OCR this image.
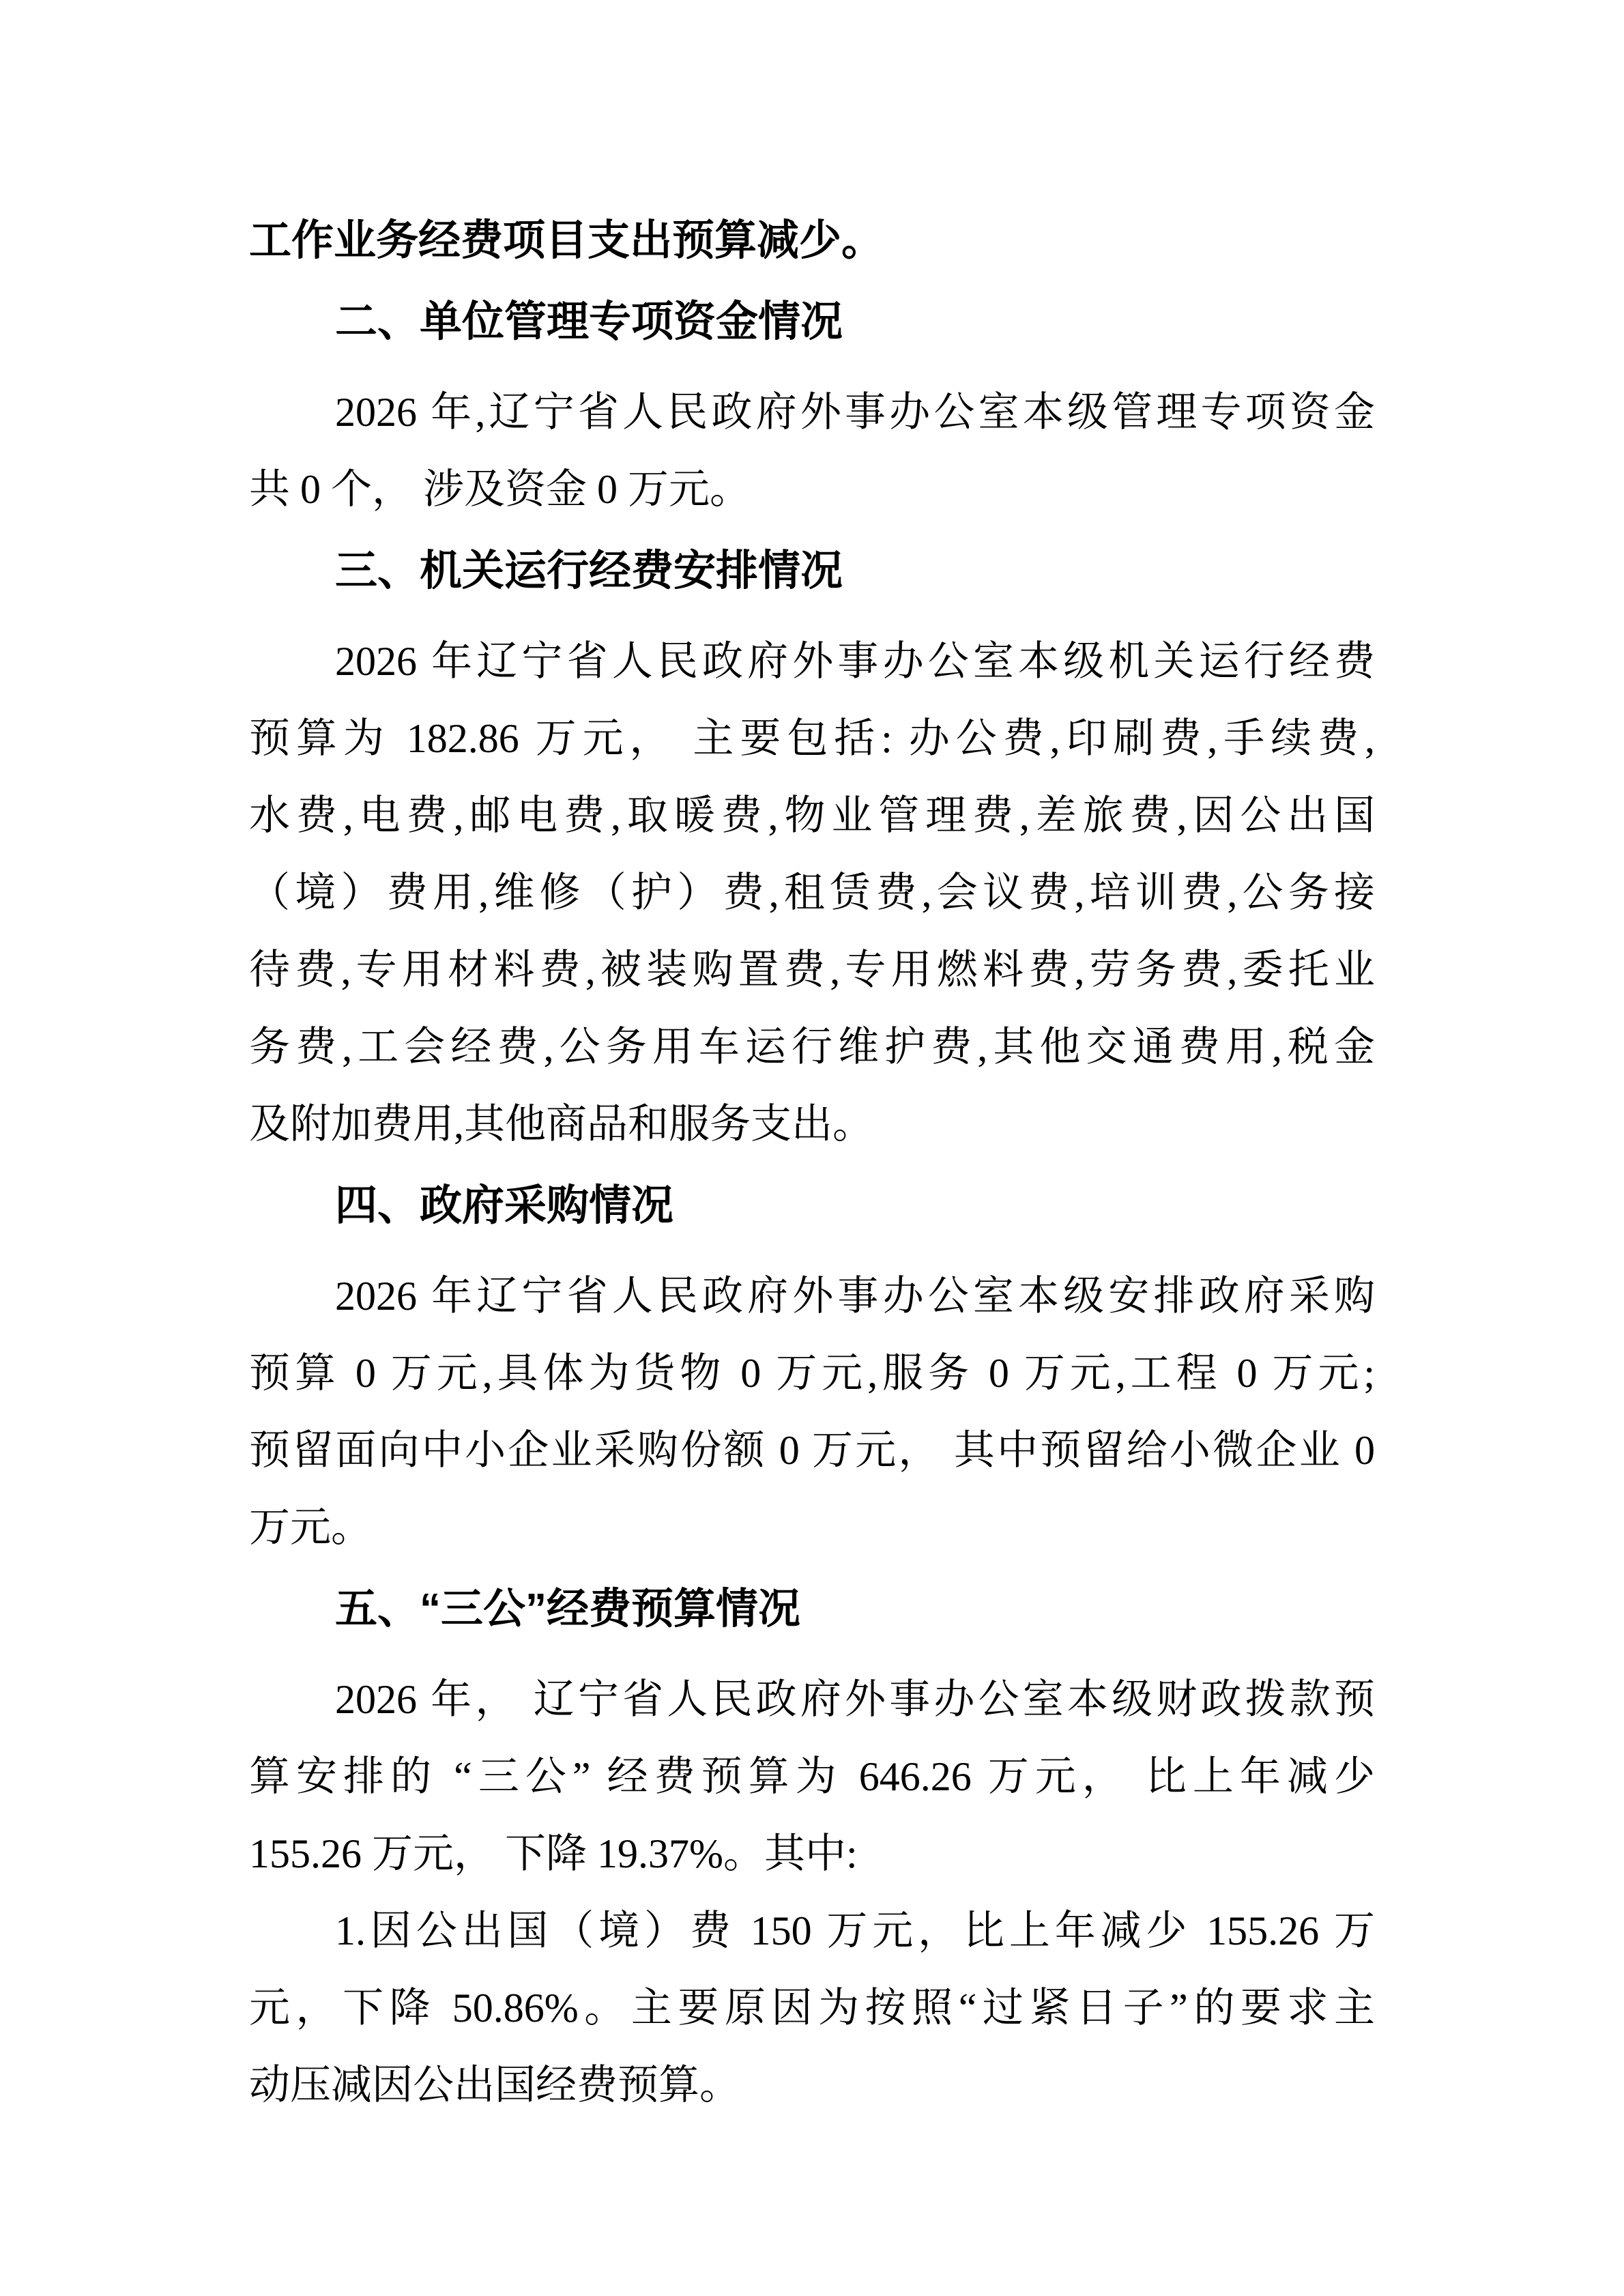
工作业务经费项目支出预算减少。
二、单位管理专项资金情况
2026 年,辽宁省人民政府外事办公室本级管理专项资金
共 0 个， 涉及资金 0 万元。
三、机关运行经费安排情况
2026 年辽宁省人民政府外事办公室本级机关运行经费
预算为 182.86 万元， 主要包括: 办公费,印刷费,手续费,
水费,电费,邮电费,取暖费,物业管理费,差旅费,因公出国
（境）费用,维修（护）费,租赁费,会议费,培训费,公务接
待费,专用材料费,被装购置费,专用燃料费,劳务费,委托业
务费,工会经费,公务用车运行维护费,其他交通费用,税金
及附加费用,其他商品和服务支出。
四、政府采购情况
2026 年辽宁省人民政府外事办公室本级安排政府采购
预算 0 万元,具体为货物 0 万元,服务 0 万元,工程 0 万元;
预留面向中小企业采购份额 0 万元， 其中预留给小微企业 0
万元。
五、“三公”经费预算情况
2026 年， 辽宁省人民政府外事办公室本级财政拨款预
算安排的 “三公” 经费预算为 646.26 万元， 比上年减少
155.26 万元， 下降 19.37%。其中:
1.因公出国（境）费 150 万元，比上年减少 155.26 万
元，下降 50.86%。主要原因为按照“过紧日子”的要求主
动压减因公出国经费预算。
